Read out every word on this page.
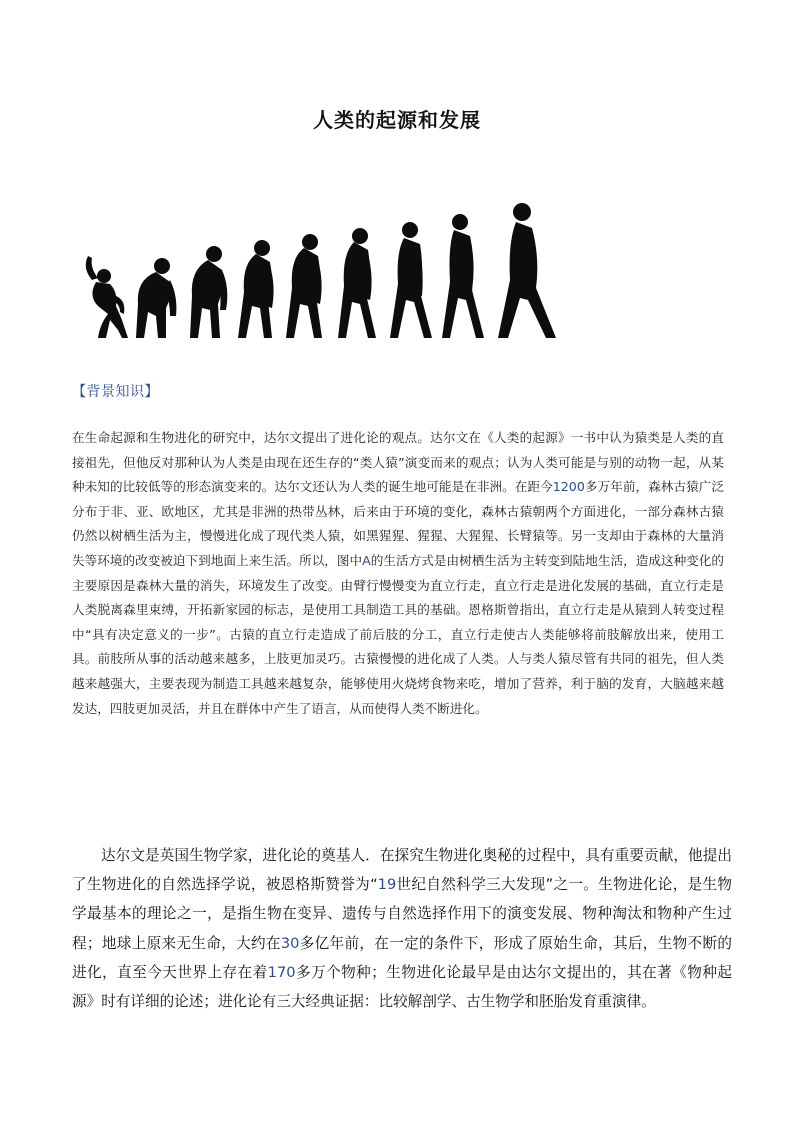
人类的起源和发展
【背景知识】
在生命起源和生物进化的研究中，达尔文提出了进化论的观点。达尔文在《人类的起源》一书中认为猿类是人类的直接祖先，但他反对那种认为人类是由现在还生存的“类人猿”演变而来的观点；认为人类可能是与别的动物一起，从某种未知的比较低等的形态演变来的。达尔文还认为人类的诞生地可能是在非洲。在距今1200多万年前，森林古猿广泛分布于非、亚、欧地区，尤其是非洲的热带丛林，后来由于环境的变化，森林古猿朝两个方面进化，一部分森林古猿仍然以树栖生活为主，慢慢进化成了现代类人猿，如黑猩猩、猩猩、大猩猩、长臂猿等。另一支却由于森林的大量消失等环境的改变被迫下到地面上来生活。所以，图中A的生活方式是由树栖生活为主转变到陆地生活，造成这种变化的主要原因是森林大量的消失，环境发生了改变。由臂行慢慢变为直立行走，直立行走是进化发展的基础，直立行走是人类脱离森里束缚，开拓新家园的标志，是使用工具制造工具的基础。恩格斯曾指出，直立行走是从猿到人转变过程中“具有决定意义的一步”。古猿的直立行走造成了前后肢的分工，直立行走使古人类能够将前肢解放出来，使用工具。前肢所从事的活动越来越多，上肢更加灵巧。古猿慢慢的进化成了人类。人与类人猿尽管有共同的祖先，但人类越来越强大，主要表现为制造工具越来越复杂，能够使用火烧烤食物来吃，增加了营养，利于脑的发育，大脑越来越发达，四肢更加灵活，并且在群体中产生了语言，从而使得人类不断进化。
达尔文是英国生物学家，进化论的奠基人．在探究生物进化奥秘的过程中，具有重要贡献，他提出了生物进化的自然选择学说，被恩格斯赞誉为“19世纪自然科学三大发现”之一。生物进化论，是生物学最基本的理论之一，是指生物在变异、遗传与自然选择作用下的演变发展、物种淘汰和物种产生过程；地球上原来无生命，大约在30多亿年前，在一定的条件下，形成了原始生命，其后，生物不断的进化，直至今天世界上存在着170多万个物种；生物进化论最早是由达尔文提出的，其在著《物种起源》时有详细的论述；进化论有三大经典证据：比较解剖学、古生物学和胚胎发育重演律。
